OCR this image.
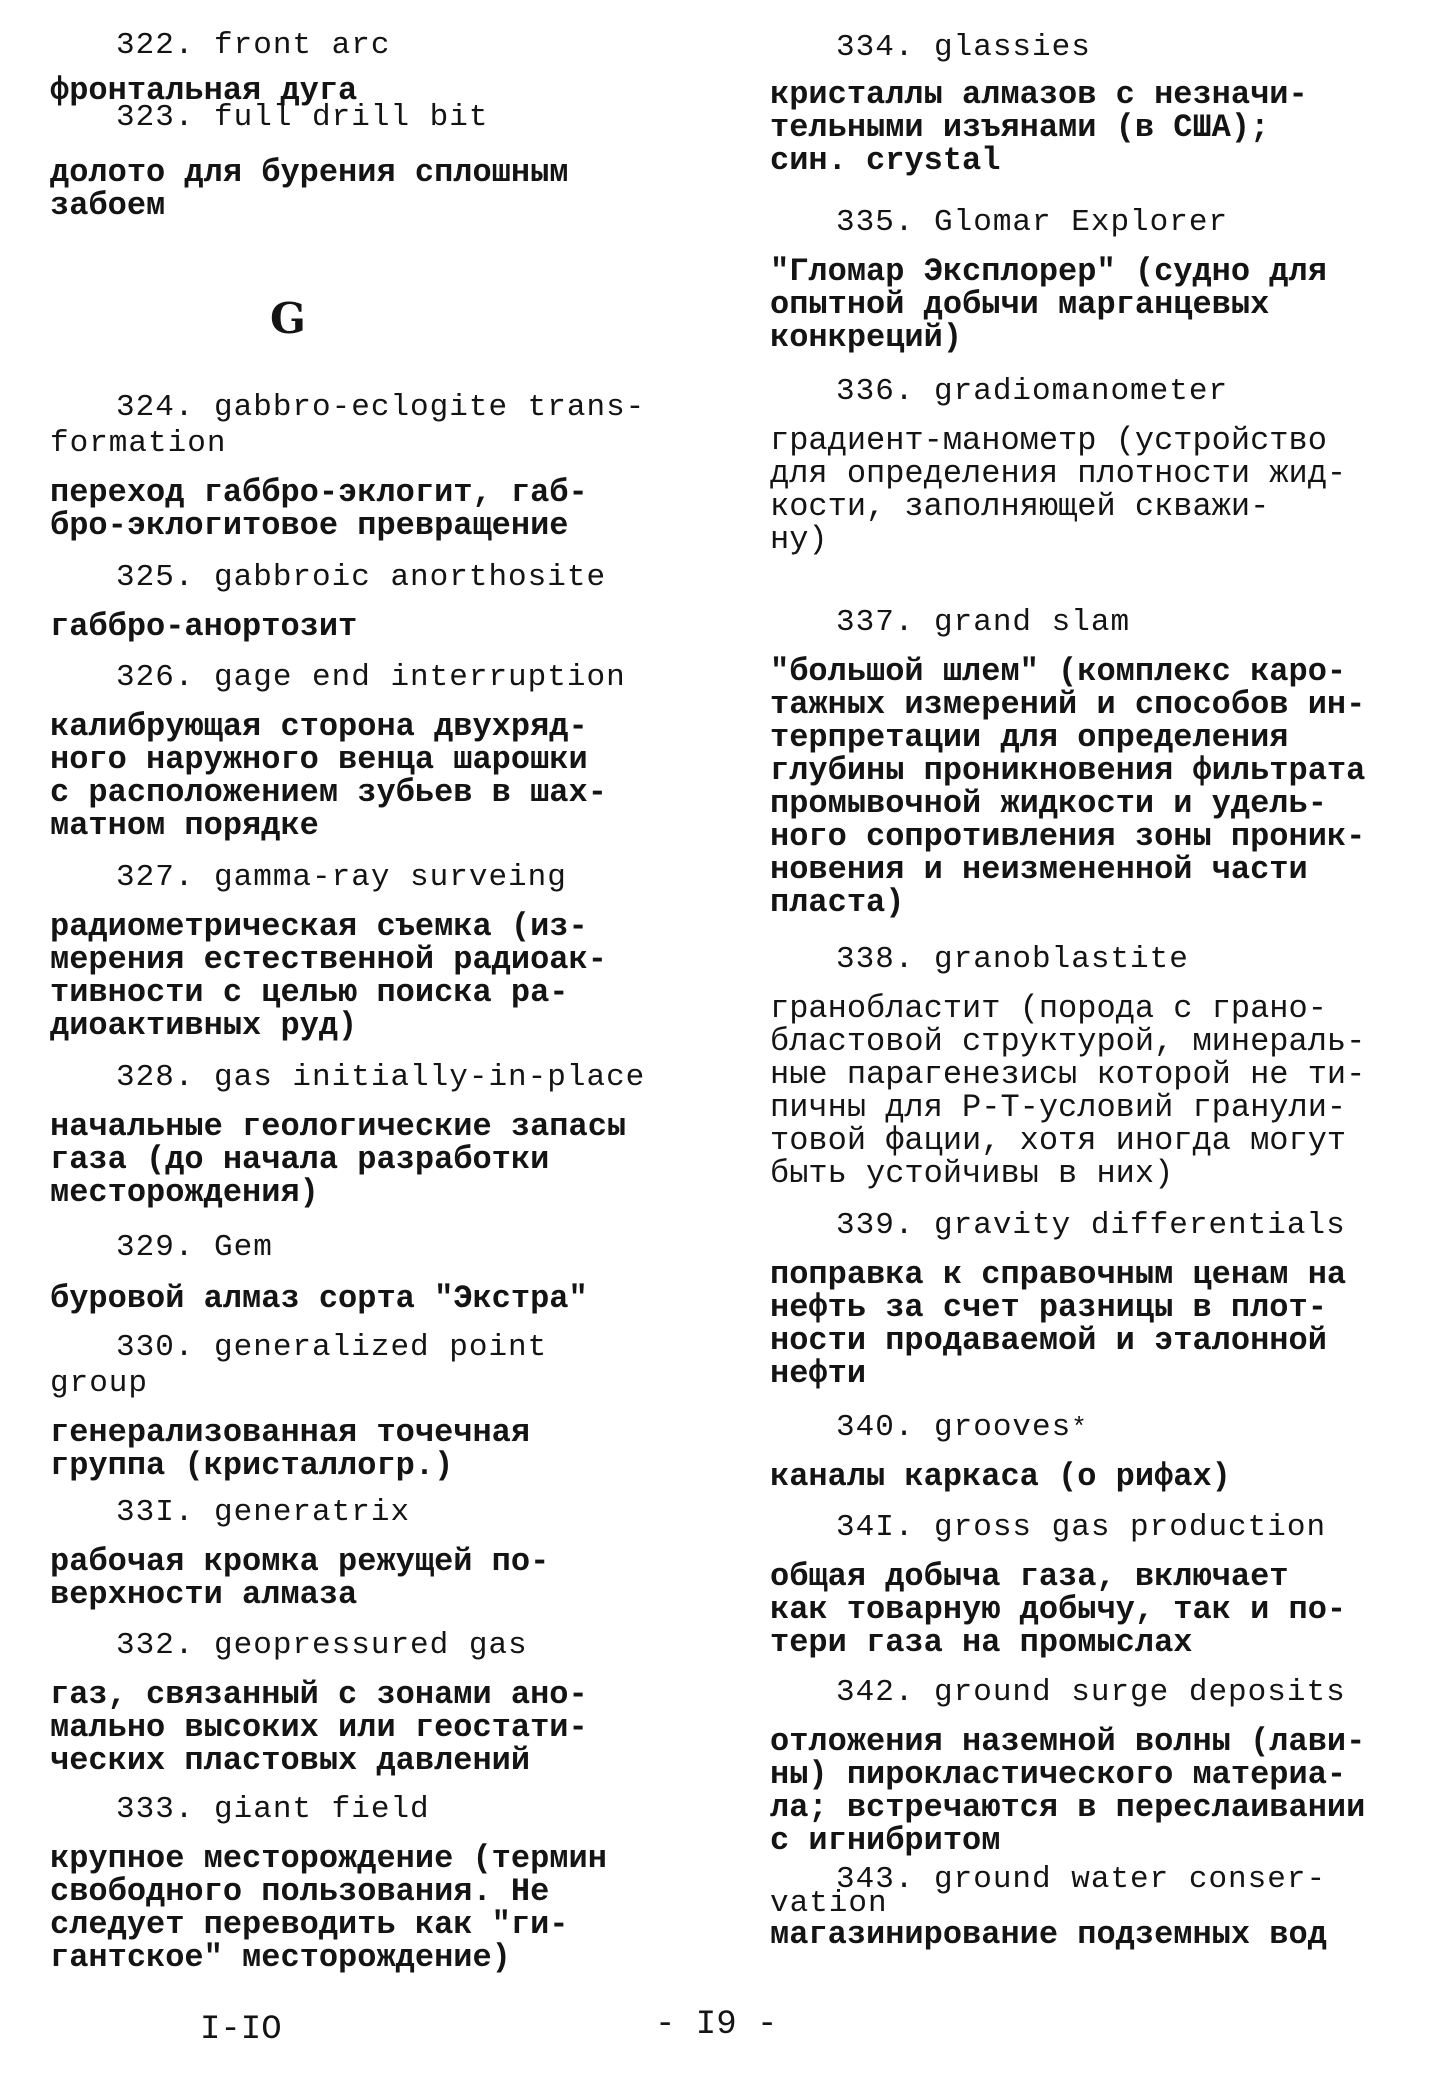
322. front arc
фронтальная дуга
323. full drill bit
долото для бурения сплошным
забоем
324. gabbro-eclogite trans-
formation
переход габбро-эклогит, габ-
бро-эклогитовое превращение
325. gabbroic anorthosite
габбро-анортозит
326. gage end interruption
калибрующая сторона двухряд-
ного наружного венца шарошки
с расположением зубьев в шах-
матном порядке
327. gamma-ray surveing
радиометрическая съемка (из-
мерения естественной радиоак-
тивности с целью поиска ра-
диоактивных руд)
328. gas initially-in-place
начальные геологические запасы
газа (до начала разработки
месторождения)
329. Gem
буровой алмаз сорта "Экстра"
330. generalized point
group
генерализованная точечная
группа (кристаллогр.)
33I. generatrix
рабочая кромка режущей по-
верхности алмаза
332. geopressured gas
газ, связанный с зонами ано-
мально высоких или геостати-
ческих пластовых давлений
333. giant field
крупное месторождение (термин
свободного пользования. Не
следует переводить как "ги-
гантское" месторождение)
G
334. glassies
кристаллы алмазов с незначи-
тельными изъянами (в США);
син. crystal
335. Glomar Explorer
"Гломар Эксплорер" (судно для
опытной добычи марганцевых
конкреций)
336. gradiomanometer
градиент-манометр (устройство
для определения плотности жид-
кости, заполняющей скважи-
ну)
337. grand slam
"большой шлем" (комплекс каро-
тажных измерений и способов ин-
терпретации для определения
глубины проникновения фильтрата
промывочной жидкости и удель-
ного сопротивления зоны проник-
новения и неизмененной части
пласта)
338. granoblastite
гранобластит (порода с грано-
бластовой структурой, минераль-
ные парагенезисы которой не ти-
пичны для P-T-условий гранули-
товой фации, хотя иногда могут
быть устойчивы в них)
339. gravity differentials
поправка к справочным ценам на
нефть за счет разницы в плот-
ности продаваемой и эталонной
нефти
340. grooves*
каналы каркаса (о рифах)
34I. gross gas production
общая добыча газа, включает
как товарную добычу, так и по-
тери газа на промыслах
342. ground surge deposits
отложения наземной волны (лави-
ны) пирокластического материа-
ла; встречаются в переслаивании
с игнибритом
343. ground water conser-
vation
магазинирование подземных вод
I-IO	- I9 -
